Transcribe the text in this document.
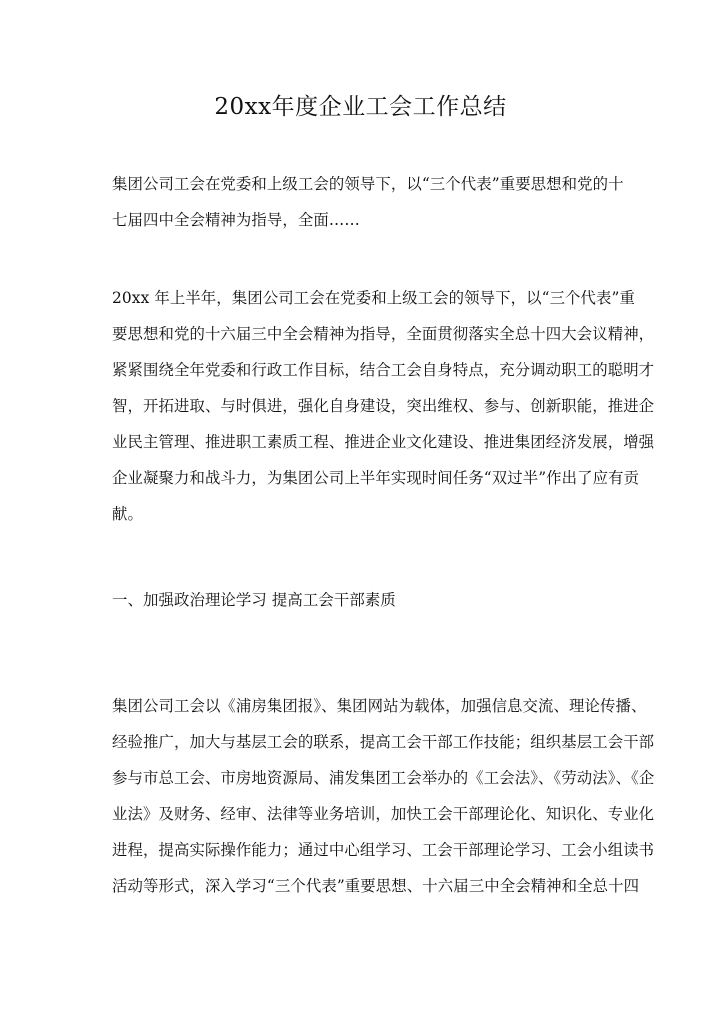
20xx年度企业工会工作总结
集团公司工会在党委和上级工会的领导下，以“三个代表”重要思想和党的十
七届四中全会精神为指导，全面……
20xx 年上半年，集团公司工会在党委和上级工会的领导下，以“三个代表”重
要思想和党的十六届三中全会精神为指导，全面贯彻落实全总十四大会议精神，
紧紧围绕全年党委和行政工作目标，结合工会自身特点，充分调动职工的聪明才
智，开拓进取、与时俱进，强化自身建设，突出维权、参与、创新职能，推进企
业民主管理、推进职工素质工程、推进企业文化建设、推进集团经济发展，增强
企业凝聚力和战斗力，为集团公司上半年实现时间任务“双过半”作出了应有贡
献。
一、加强政治理论学习 提高工会干部素质
集团公司工会以《浦房集团报》、集团网站为载体，加强信息交流、理论传播、
经验推广，加大与基层工会的联系，提高工会干部工作技能；组织基层工会干部
参与市总工会、市房地资源局、浦发集团工会举办的《工会法》、《劳动法》、《企
业法》及财务、经审、法律等业务培训，加快工会干部理论化、知识化、专业化
进程，提高实际操作能力；通过中心组学习、工会干部理论学习、工会小组读书
活动等形式，深入学习“三个代表”重要思想、十六届三中全会精神和全总十四
